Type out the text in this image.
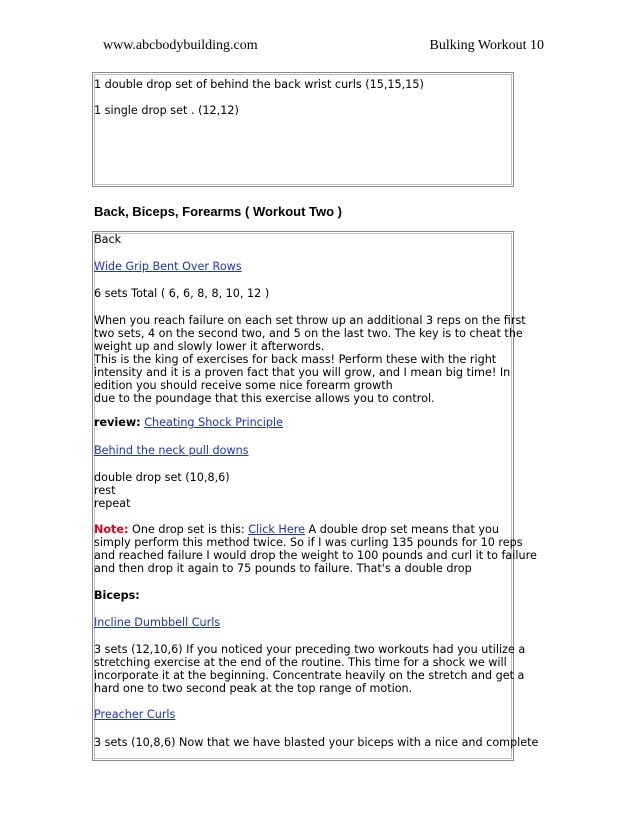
www.abcbodybuilding.com	Bulking Workout 10
1 double drop set of behind the back wrist curls (15,15,15)
1 single drop set . (12,12)
Back, Biceps, Forearms ( Workout Two )
Back
Wide Grip Bent Over Rows
6 sets Total ( 6, 6, 8, 8, 10, 12 )
When you reach failure on each set throw up an additional 3 reps on the first
two sets, 4 on the second two, and 5 on the last two. The key is to cheat the
weight up and slowly lower it afterwords.
This is the king of exercises for back mass! Perform these with the right
intensity and it is a proven fact that you will grow, and I mean big time! In
edition you should receive some nice forearm growth
due to the poundage that this exercise allows you to control.
review: Cheating Shock Principle
Behind the neck pull downs
double drop set (10,8,6)
rest
repeat
Note: One drop set is this: Click Here A double drop set means that you
simply perform this method twice. So if I was curling 135 pounds for 10 reps
and reached failure I would drop the weight to 100 pounds and curl it to failure
and then drop it again to 75 pounds to failure. That's a double drop
Biceps:
Incline Dumbbell Curls
3 sets (12,10,6) If you noticed your preceding two workouts had you utilize a
stretching exercise at the end of the routine. This time for a shock we will
incorporate it at the beginning. Concentrate heavily on the stretch and get a
hard one to two second peak at the top range of motion.
Preacher Curls
3 sets (10,8,6) Now that we have blasted your biceps with a nice and complete
